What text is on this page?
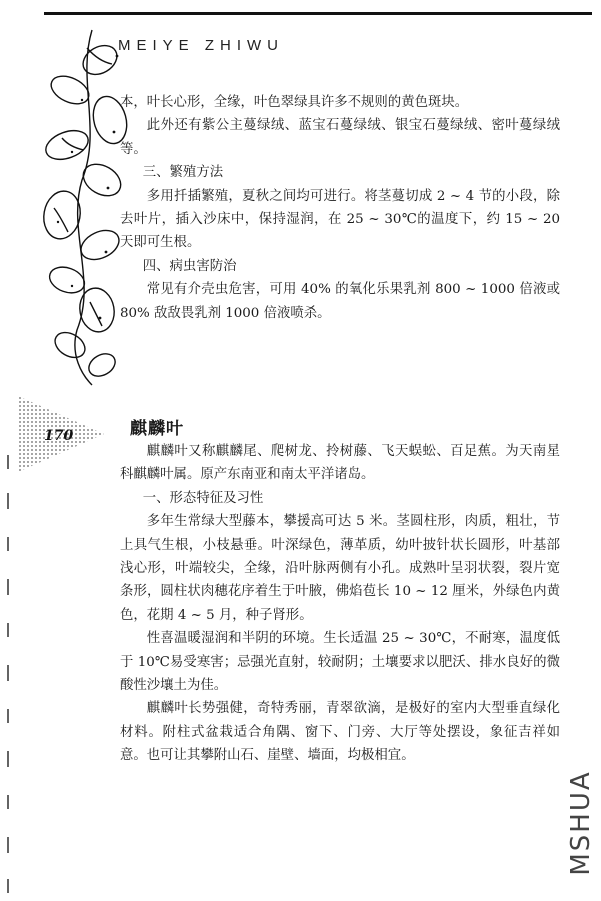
MEIYE ZHIWU

本，叶长心形，全缘，叶色翠绿具许多不规则的黄色斑块。

此外还有紫公主蔓绿绒、蓝宝石蔓绿绒、银宝石蔓绿绒、密叶蔓绿绒等。

三、繁殖方法

多用扦插繁殖，夏秋之间均可进行。将茎蔓切成 2 ~ 4 节的小段，除去叶片，插入沙床中，保持湿润，在 25 ~ 30℃的温度下，约 15 ~ 20 天即可生根。

四、病虫害防治

常见有介壳虫危害，可用 40% 的氧化乐果乳剂 800 ~ 1000 倍液或 80% 敌敌畏乳剂 1000 倍液喷杀。

170	麒麟叶

麒麟叶又称麒麟尾、爬树龙、拎树藤、飞天蜈蚣、百足蕉。为天南星科麒麟叶属。原产东南亚和南太平洋诸岛。

一、形态特征及习性

多年生常绿大型藤本，攀援高可达 5 米。茎圆柱形，肉质，粗壮，节上具气生根，小枝悬垂。叶深绿色，薄革质，幼叶披针状长圆形，叶基部浅心形，叶端较尖，全缘，沿叶脉两侧有小孔。成熟叶呈羽状裂，裂片宽条形，圆柱状肉穗花序着生于叶腋，佛焰苞长 10 ~ 12 厘米，外绿色内黄色，花期 4 ~ 5 月，种子肾形。

性喜温暖湿润和半阴的环境。生长适温 25 ~ 30℃，不耐寒，温度低于 10℃易受寒害；忌强光直射，较耐阴；土壤要求以肥沃、排水良好的微酸性沙壤土为佳。

麒麟叶长势强健，奇特秀丽，青翠欲滴，是极好的室内大型垂直绿化材料。附柱式盆栽适合角隅、窗下、门旁、大厅等处摆设，象征吉祥如意。也可让其攀附山石、崖壁、墙面，均极相宜。

MSHUA
